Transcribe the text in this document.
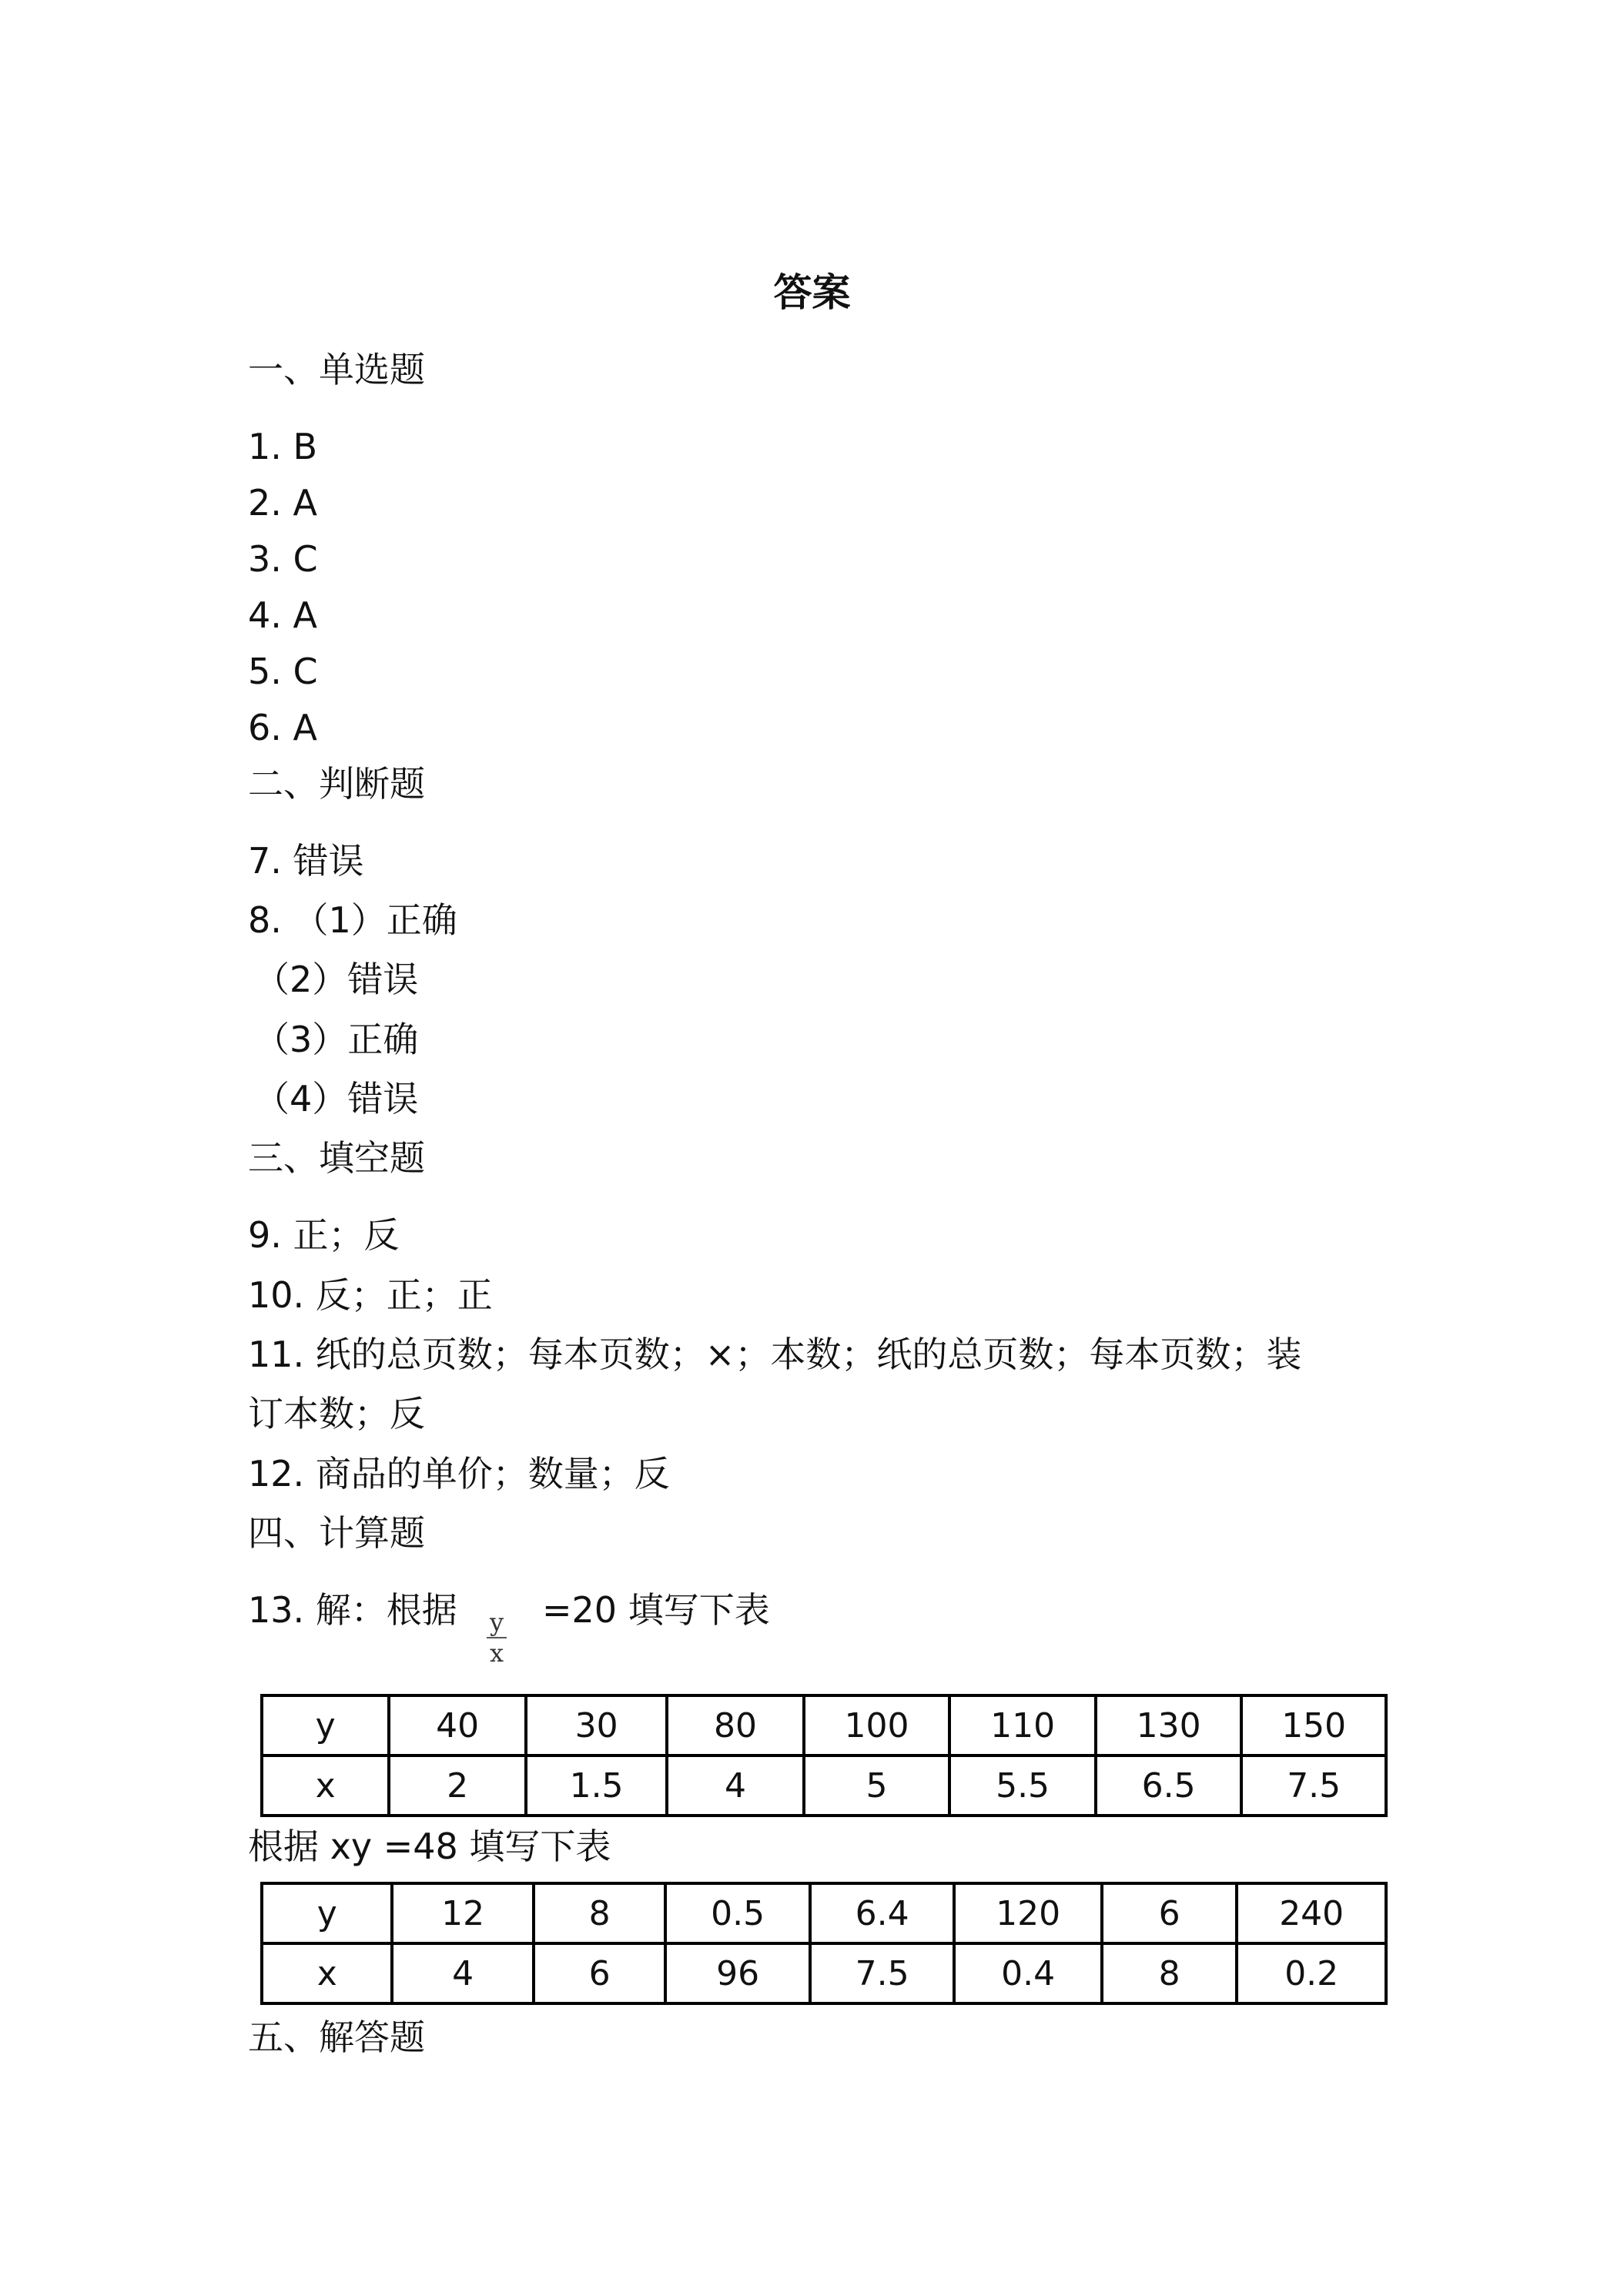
答案
一、单选题
1. B
2. A
3. C
4. A
5. C
6. A
二、判断题
7. 错误
8. （1）正确
（2）错误
（3）正确
（4）错误
三、填空题
9. 正；反
10. 反；正；正
11. 纸的总页数；每本页数；×；本数；纸的总页数；每本页数；装
订本数；反
12. 商品的单价；数量；反
四、计算题
13. 解：根据 y
x
=20 填写下表
y	40	30	80	100	110	130	150
x	2	1.5	4	5	5.5	6.5	7.5
根据 xy =48 填写下表
y	12	8	0.5	6.4	120	6	240
x	4	6	96	7.5	0.4	8	0.2
五、解答题
